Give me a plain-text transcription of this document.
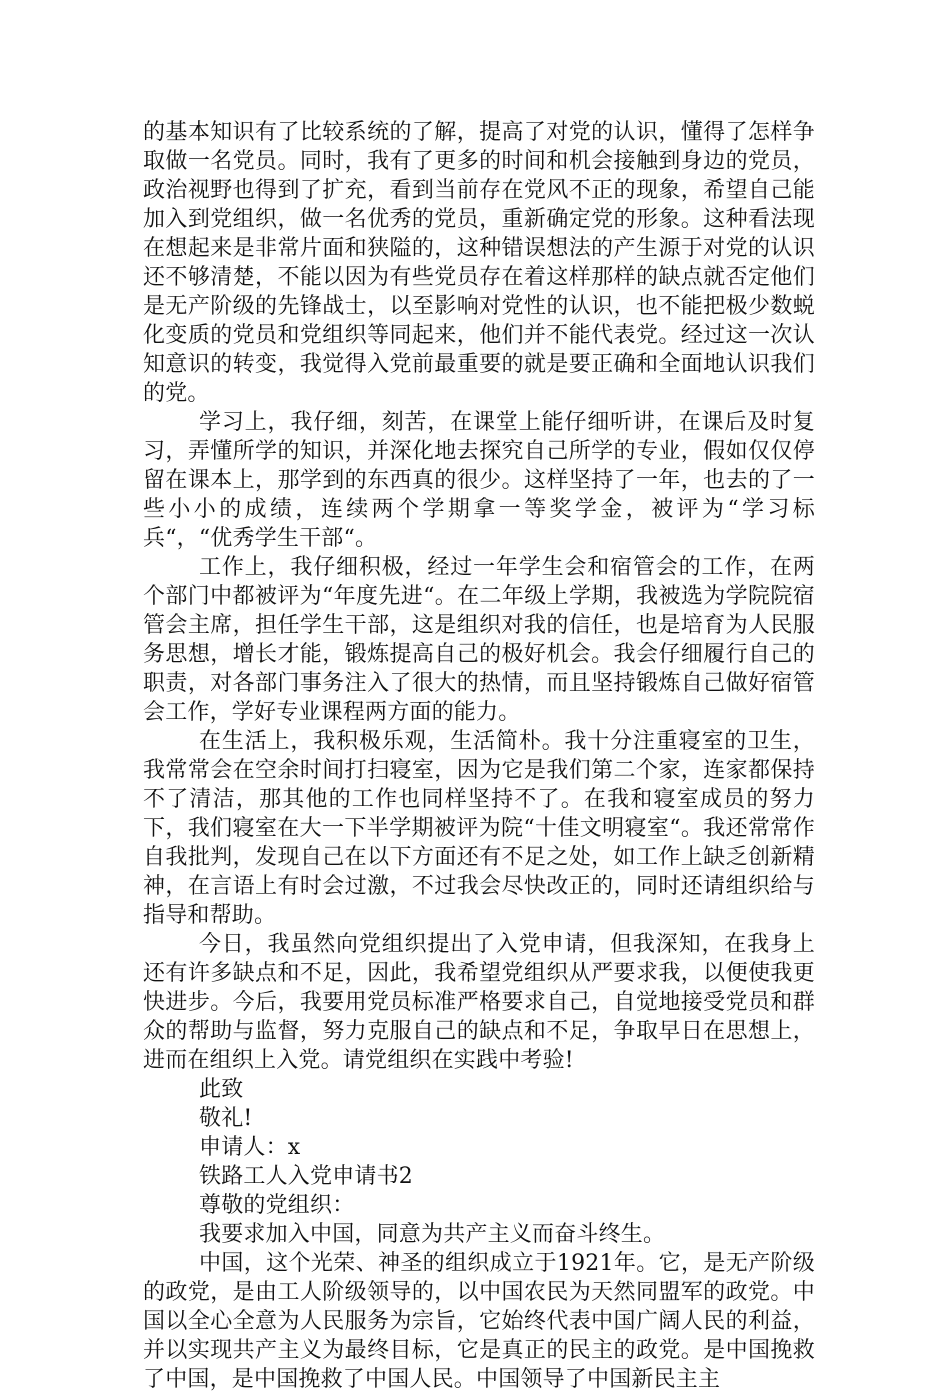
的基本知识有了比较系统的了解，提高了对党的认识，懂得了怎样争取做一名党员。同时，我有了更多的时间和机会接触到身边的党员，政治视野也得到了扩充，看到当前存在党风不正的现象，希望自己能加入到党组织，做一名优秀的党员，重新确定党的形象。这种看法现在想起来是非常片面和狭隘的，这种错误想法的产生源于对党的认识还不够清楚，不能以因为有些党员存在着这样那样的缺点就否定他们是无产阶级的先锋战士，以至影响对党性的认识，也不能把极少数蜕化变质的党员和党组织等同起来，他们并不能代表党。经过这一次认知意识的转变，我觉得入党前最重要的就是要正确和全面地认识我们的党。

学习上，我仔细，刻苦，在课堂上能仔细听讲，在课后及时复习，弄懂所学的知识，并深化地去探究自己所学的专业，假如仅仅停留在课本上，那学到的东西真的很少。这样坚持了一年，也去的了一些小小的成绩，连续两个学期拿一等奖学金，被评为“学习标兵“，“优秀学生干部“。

工作上，我仔细积极，经过一年学生会和宿管会的工作，在两个部门中都被评为“年度先进“。在二年级上学期，我被选为学院院宿管会主席，担任学生干部，这是组织对我的信任，也是培育为人民服务思想，增长才能，锻炼提高自己的极好机会。我会仔细履行自己的职责，对各部门事务注入了很大的热情，而且坚持锻炼自己做好宿管会工作，学好专业课程两方面的能力。

在生活上，我积极乐观，生活简朴。我十分注重寝室的卫生，我常常会在空余时间打扫寝室，因为它是我们第二个家，连家都保持不了清洁，那其他的工作也同样坚持不了。在我和寝室成员的努力下，我们寝室在大一下半学期被评为院“十佳文明寝室“。我还常常作自我批判，发现自己在以下方面还有不足之处，如工作上缺乏创新精神，在言语上有时会过激，不过我会尽快改正的，同时还请组织给与指导和帮助。

今日，我虽然向党组织提出了入党申请，但我深知，在我身上还有许多缺点和不足，因此，我希望党组织从严要求我，以便使我更快进步。今后，我要用党员标准严格要求自己，自觉地接受党员和群众的帮助与监督，努力克服自己的缺点和不足，争取早日在思想上，进而在组织上入党。请党组织在实践中考验!

此致

敬礼!

申请人：x

铁路工人入党申请书2

尊敬的党组织：

我要求加入中国，同意为共产主义而奋斗终生。

中国，这个光荣、神圣的组织成立于1921年。它，是无产阶级的政党，是由工人阶级领导的，以中国农民为天然同盟军的政党。中国以全心全意为人民服务为宗旨，它始终代表中国广阔人民的利益，并以实现共产主义为最终目标，它是真正的民主的政党。是中国挽救了中国，是中国挽救了中国人民。中国领导了中国新民主主
